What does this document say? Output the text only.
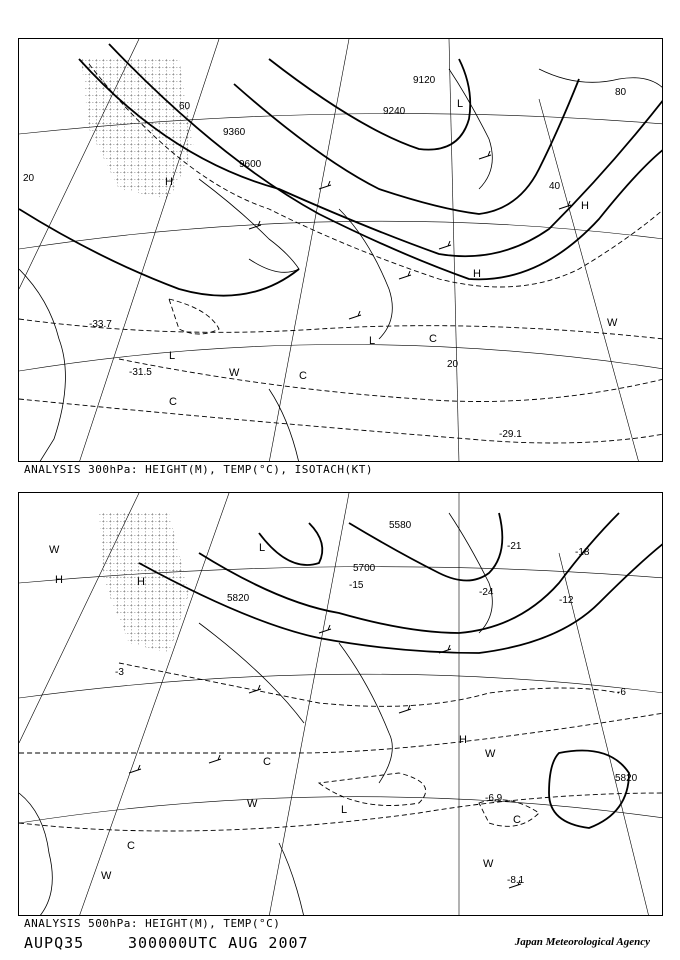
9120
9240
9360
9600
20
20
40
60
80
-29.1
-33.7
-31.5
L
L
L
H
H
H
W
W
C
C
C
ANALYSIS 300hPa: HEIGHT(M), TEMP(°C), ISOTACH(KT)
5580
5700
5820
5820
-3
-6
-12
-15
-18
-21
-24
-8.1
-6.9
L
L
H	H
H
W
W
W
W
W
C
C
C
ANALYSIS 500hPa: HEIGHT(M), TEMP(°C)
AUPQ35	300000UTC AUG 2007	Japan Meteorological Agency
